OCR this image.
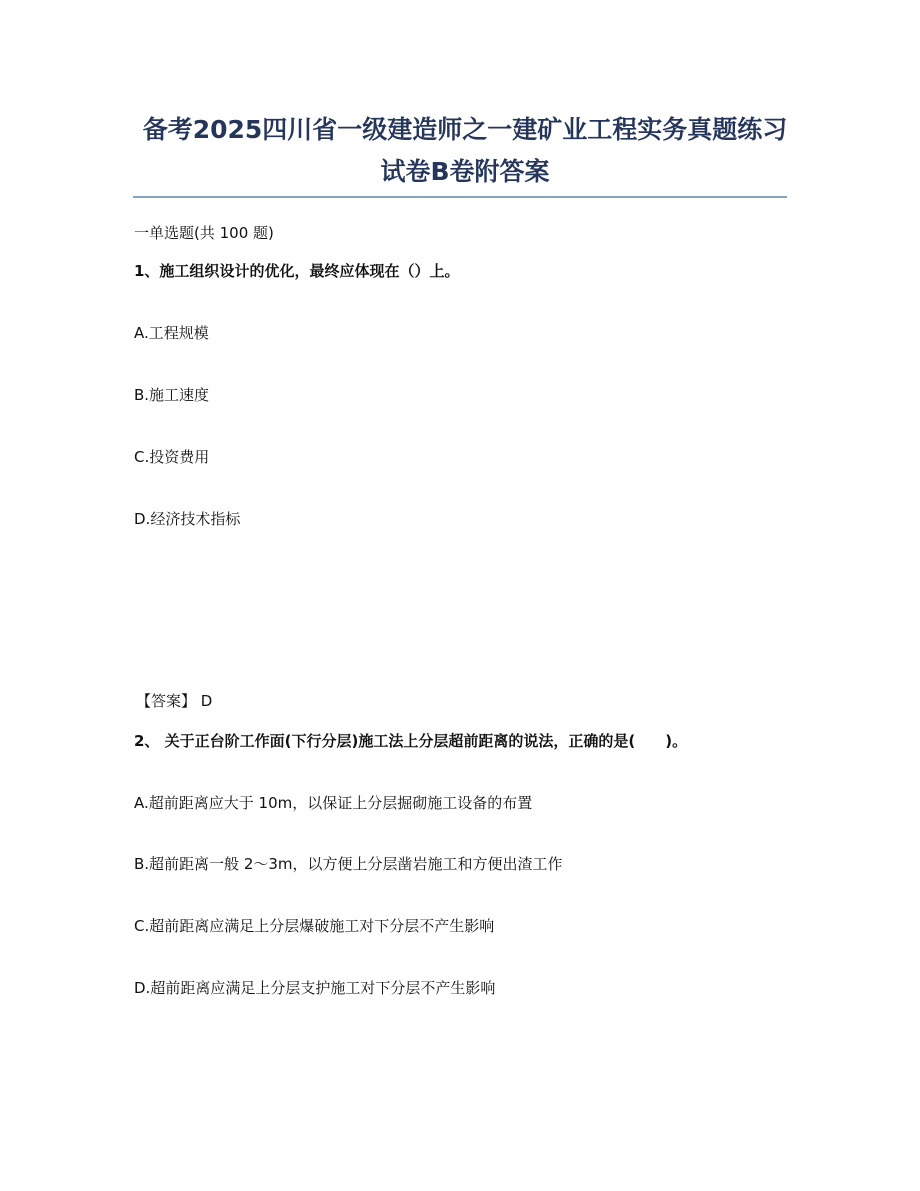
备考2025四川省一级建造师之一建矿业工程实务真题练习
试卷B卷附答案
一单选题(共 100 题)
1、施工组织设计的优化，最终应体现在（）上。
A.工程规模
B.施工速度
C.投资费用
D.经济技术指标
【答案】 D
2、 关于正台阶工作面(下行分层)施工法上分层超前距离的说法，正确的是(　　)。
A.超前距离应大于 10m，以保证上分层掘砌施工设备的布置
B.超前距离一般 2～3m，以方便上分层凿岩施工和方便出渣工作
C.超前距离应满足上分层爆破施工对下分层不产生影响
D.超前距离应满足上分层支护施工对下分层不产生影响
